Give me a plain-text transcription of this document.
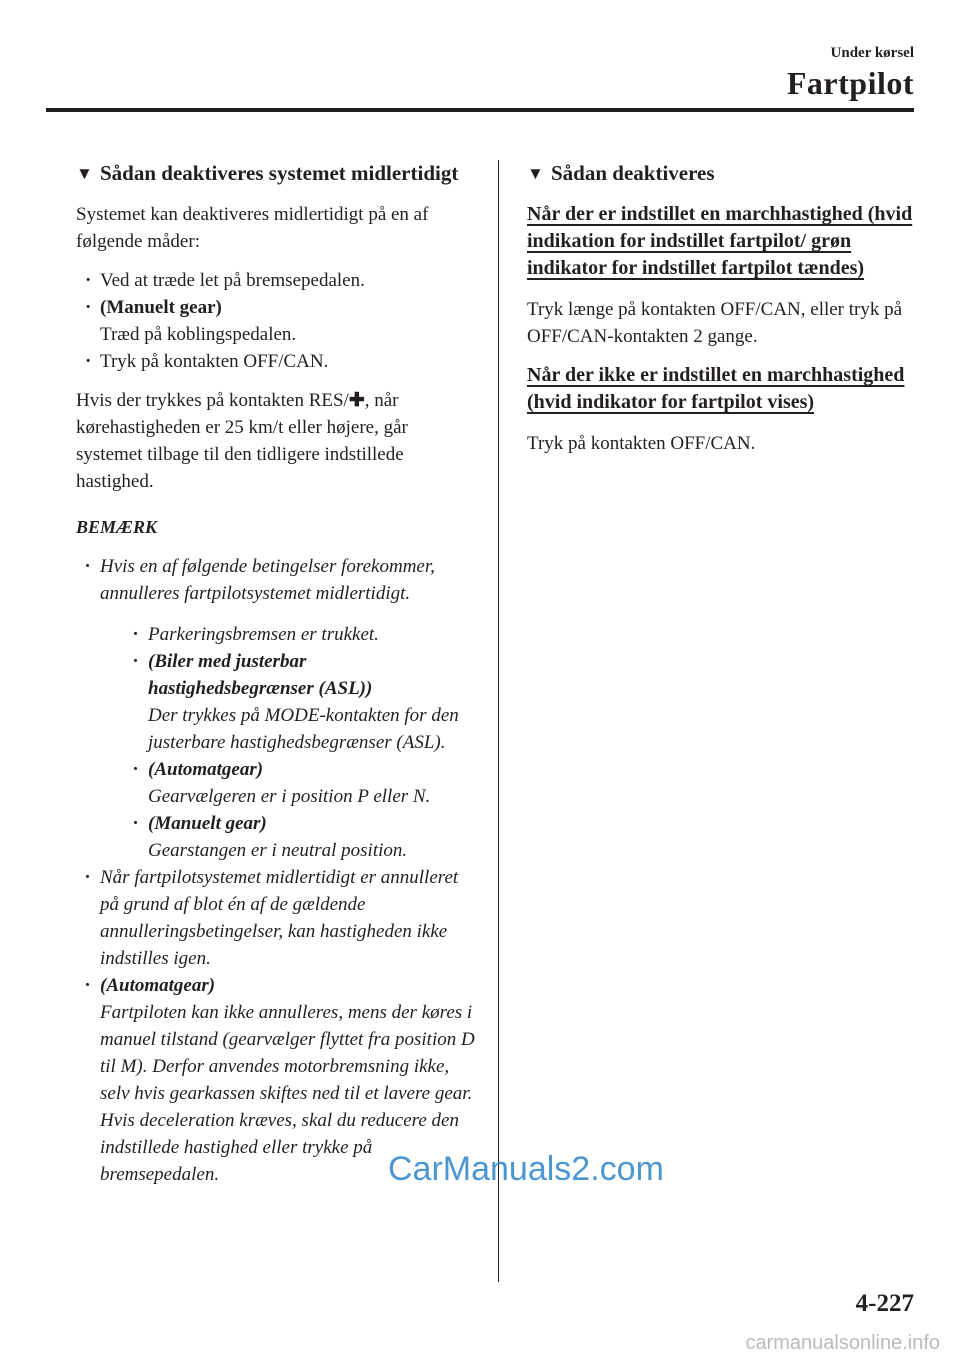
Under kørsel
Fartpilot
▼ Sådan deaktiveres systemet midlertidigt

Systemet kan deaktiveres midlertidigt på en af følgende måder:

· Ved at træde let på bremsepedalen.
· (Manuelt gear)
Træd på koblingspedalen.
· Tryk på kontakten OFF/CAN.

Hvis der trykkes på kontakten RES/✚, når kørehastigheden er 25 km/t eller højere, går systemet tilbage til den tidligere indstillede hastighed.

BEMÆRK
· Hvis en af følgende betingelser forekommer, annulleres fartpilotsystemet midlertidigt.
· Parkeringsbremsen er trukket.
· (Biler med justerbar hastighedsbegrænser (ASL))
Der trykkes på MODE-kontakten for den justerbare hastighedsbegrænser (ASL).
· (Automatgear)
Gearvælgeren er i position P eller N.
· (Manuelt gear)
Gearstangen er i neutral position.
· Når fartpilotsystemet midlertidigt er annulleret på grund af blot én af de gældende annulleringsbetingelser, kan hastigheden ikke indstilles igen.
· (Automatgear)
Fartpiloten kan ikke annulleres, mens der køres i manuel tilstand (gearvælger flyttet fra position D til M). Derfor anvendes motorbremsning ikke, selv hvis gearkassen skiftes ned til et lavere gear. Hvis deceleration kræves, skal du reducere den indstillede hastighed eller trykke på bremsepedalen.
▼ Sådan deaktiveres
Når der er indstillet en marchhastighed (hvid indikation for indstillet fartpilot/ grøn indikator for indstillet fartpilot tændes)

Tryk længe på kontakten OFF/CAN, eller tryk på OFF/CAN-kontakten 2 gange.

Når der ikke er indstillet en marchhastighed (hvid indikator for fartpilot vises)

Tryk på kontakten OFF/CAN.

CarManuals2.com
4-227
carmanualsonline.info
